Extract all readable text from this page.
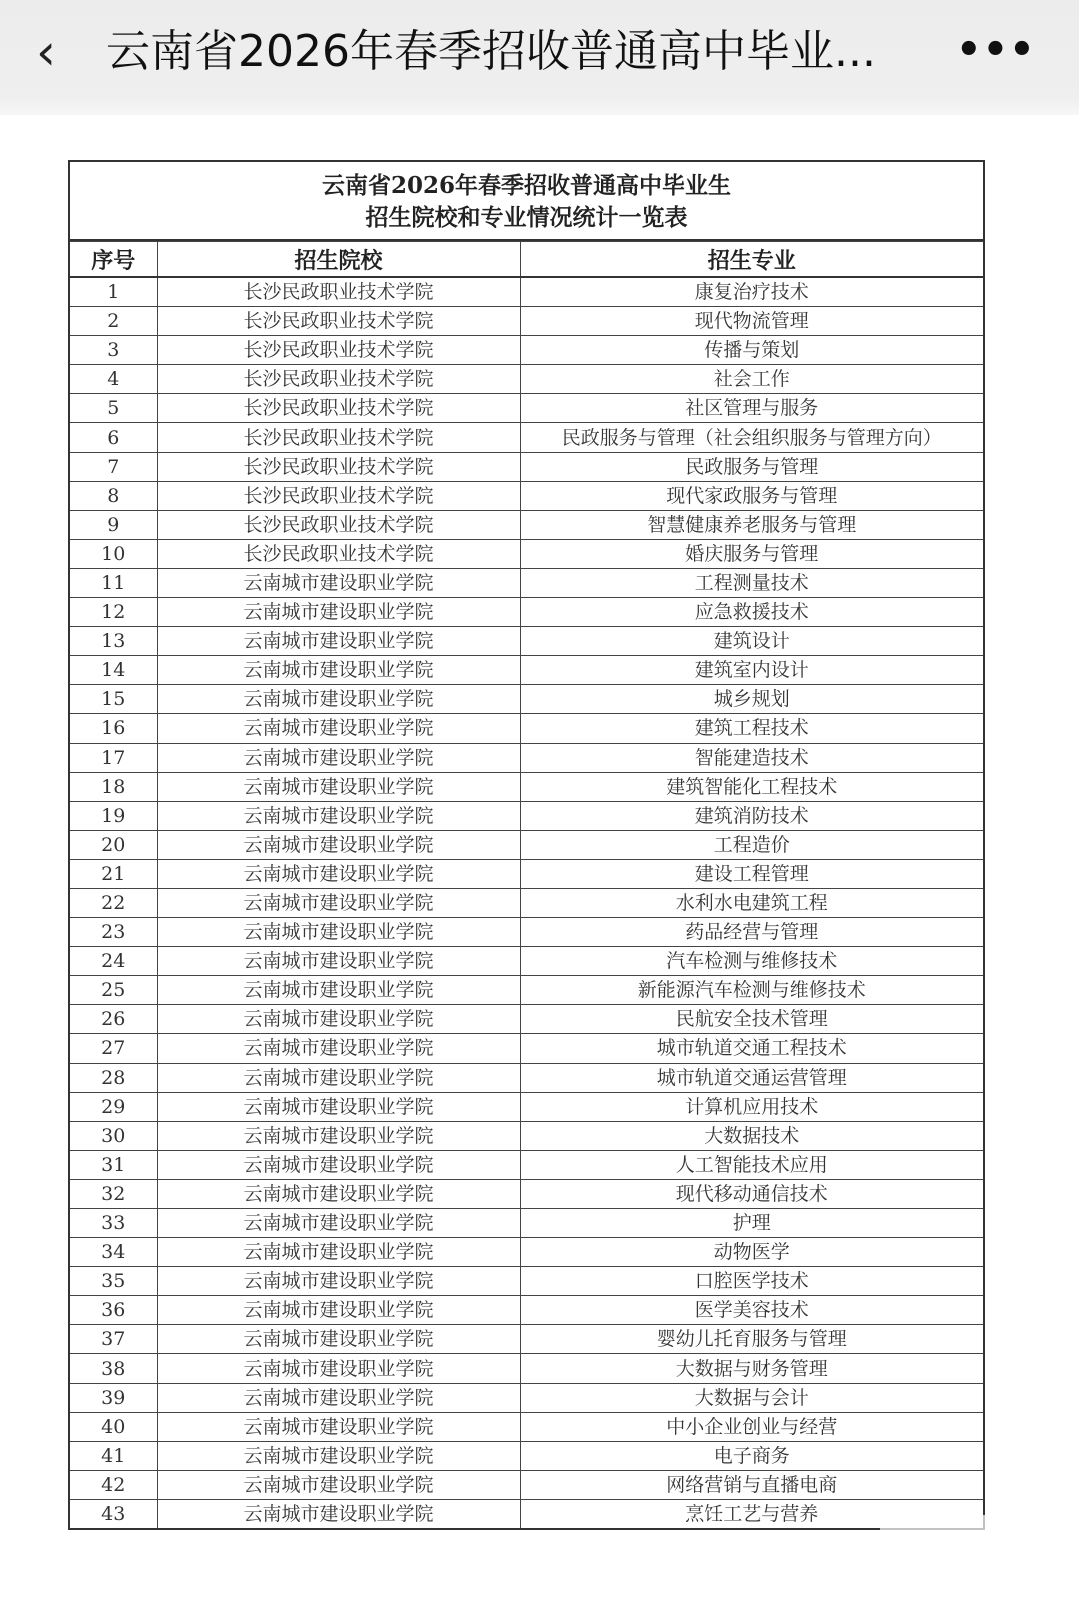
‹ 云南省2026年春季招收普通高中毕业... •••
云南省2026年春季招收普通高中毕业生
招生院校和专业情况统计一览表
序号	招生院校	招生专业
1	长沙民政职业技术学院	康复治疗技术
2	长沙民政职业技术学院	现代物流管理
3	长沙民政职业技术学院	传播与策划
4	长沙民政职业技术学院	社会工作
5	长沙民政职业技术学院	社区管理与服务
6	长沙民政职业技术学院	民政服务与管理（社会组织服务与管理方向）
7	长沙民政职业技术学院	民政服务与管理
8	长沙民政职业技术学院	现代家政服务与管理
9	长沙民政职业技术学院	智慧健康养老服务与管理
10	长沙民政职业技术学院	婚庆服务与管理
11	云南城市建设职业学院	工程测量技术
12	云南城市建设职业学院	应急救援技术
13	云南城市建设职业学院	建筑设计
14	云南城市建设职业学院	建筑室内设计
15	云南城市建设职业学院	城乡规划
16	云南城市建设职业学院	建筑工程技术
17	云南城市建设职业学院	智能建造技术
18	云南城市建设职业学院	建筑智能化工程技术
19	云南城市建设职业学院	建筑消防技术
20	云南城市建设职业学院	工程造价
21	云南城市建设职业学院	建设工程管理
22	云南城市建设职业学院	水利水电建筑工程
23	云南城市建设职业学院	药品经营与管理
24	云南城市建设职业学院	汽车检测与维修技术
25	云南城市建设职业学院	新能源汽车检测与维修技术
26	云南城市建设职业学院	民航安全技术管理
27	云南城市建设职业学院	城市轨道交通工程技术
28	云南城市建设职业学院	城市轨道交通运营管理
29	云南城市建设职业学院	计算机应用技术
30	云南城市建设职业学院	大数据技术
31	云南城市建设职业学院	人工智能技术应用
32	云南城市建设职业学院	现代移动通信技术
33	云南城市建设职业学院	护理
34	云南城市建设职业学院	动物医学
35	云南城市建设职业学院	口腔医学技术
36	云南城市建设职业学院	医学美容技术
37	云南城市建设职业学院	婴幼儿托育服务与管理
38	云南城市建设职业学院	大数据与财务管理
39	云南城市建设职业学院	大数据与会计
40	云南城市建设职业学院	中小企业创业与经营
41	云南城市建设职业学院	电子商务
42	云南城市建设职业学院	网络营销与直播电商
43	云南城市建设职业学院	烹饪工艺与营养
